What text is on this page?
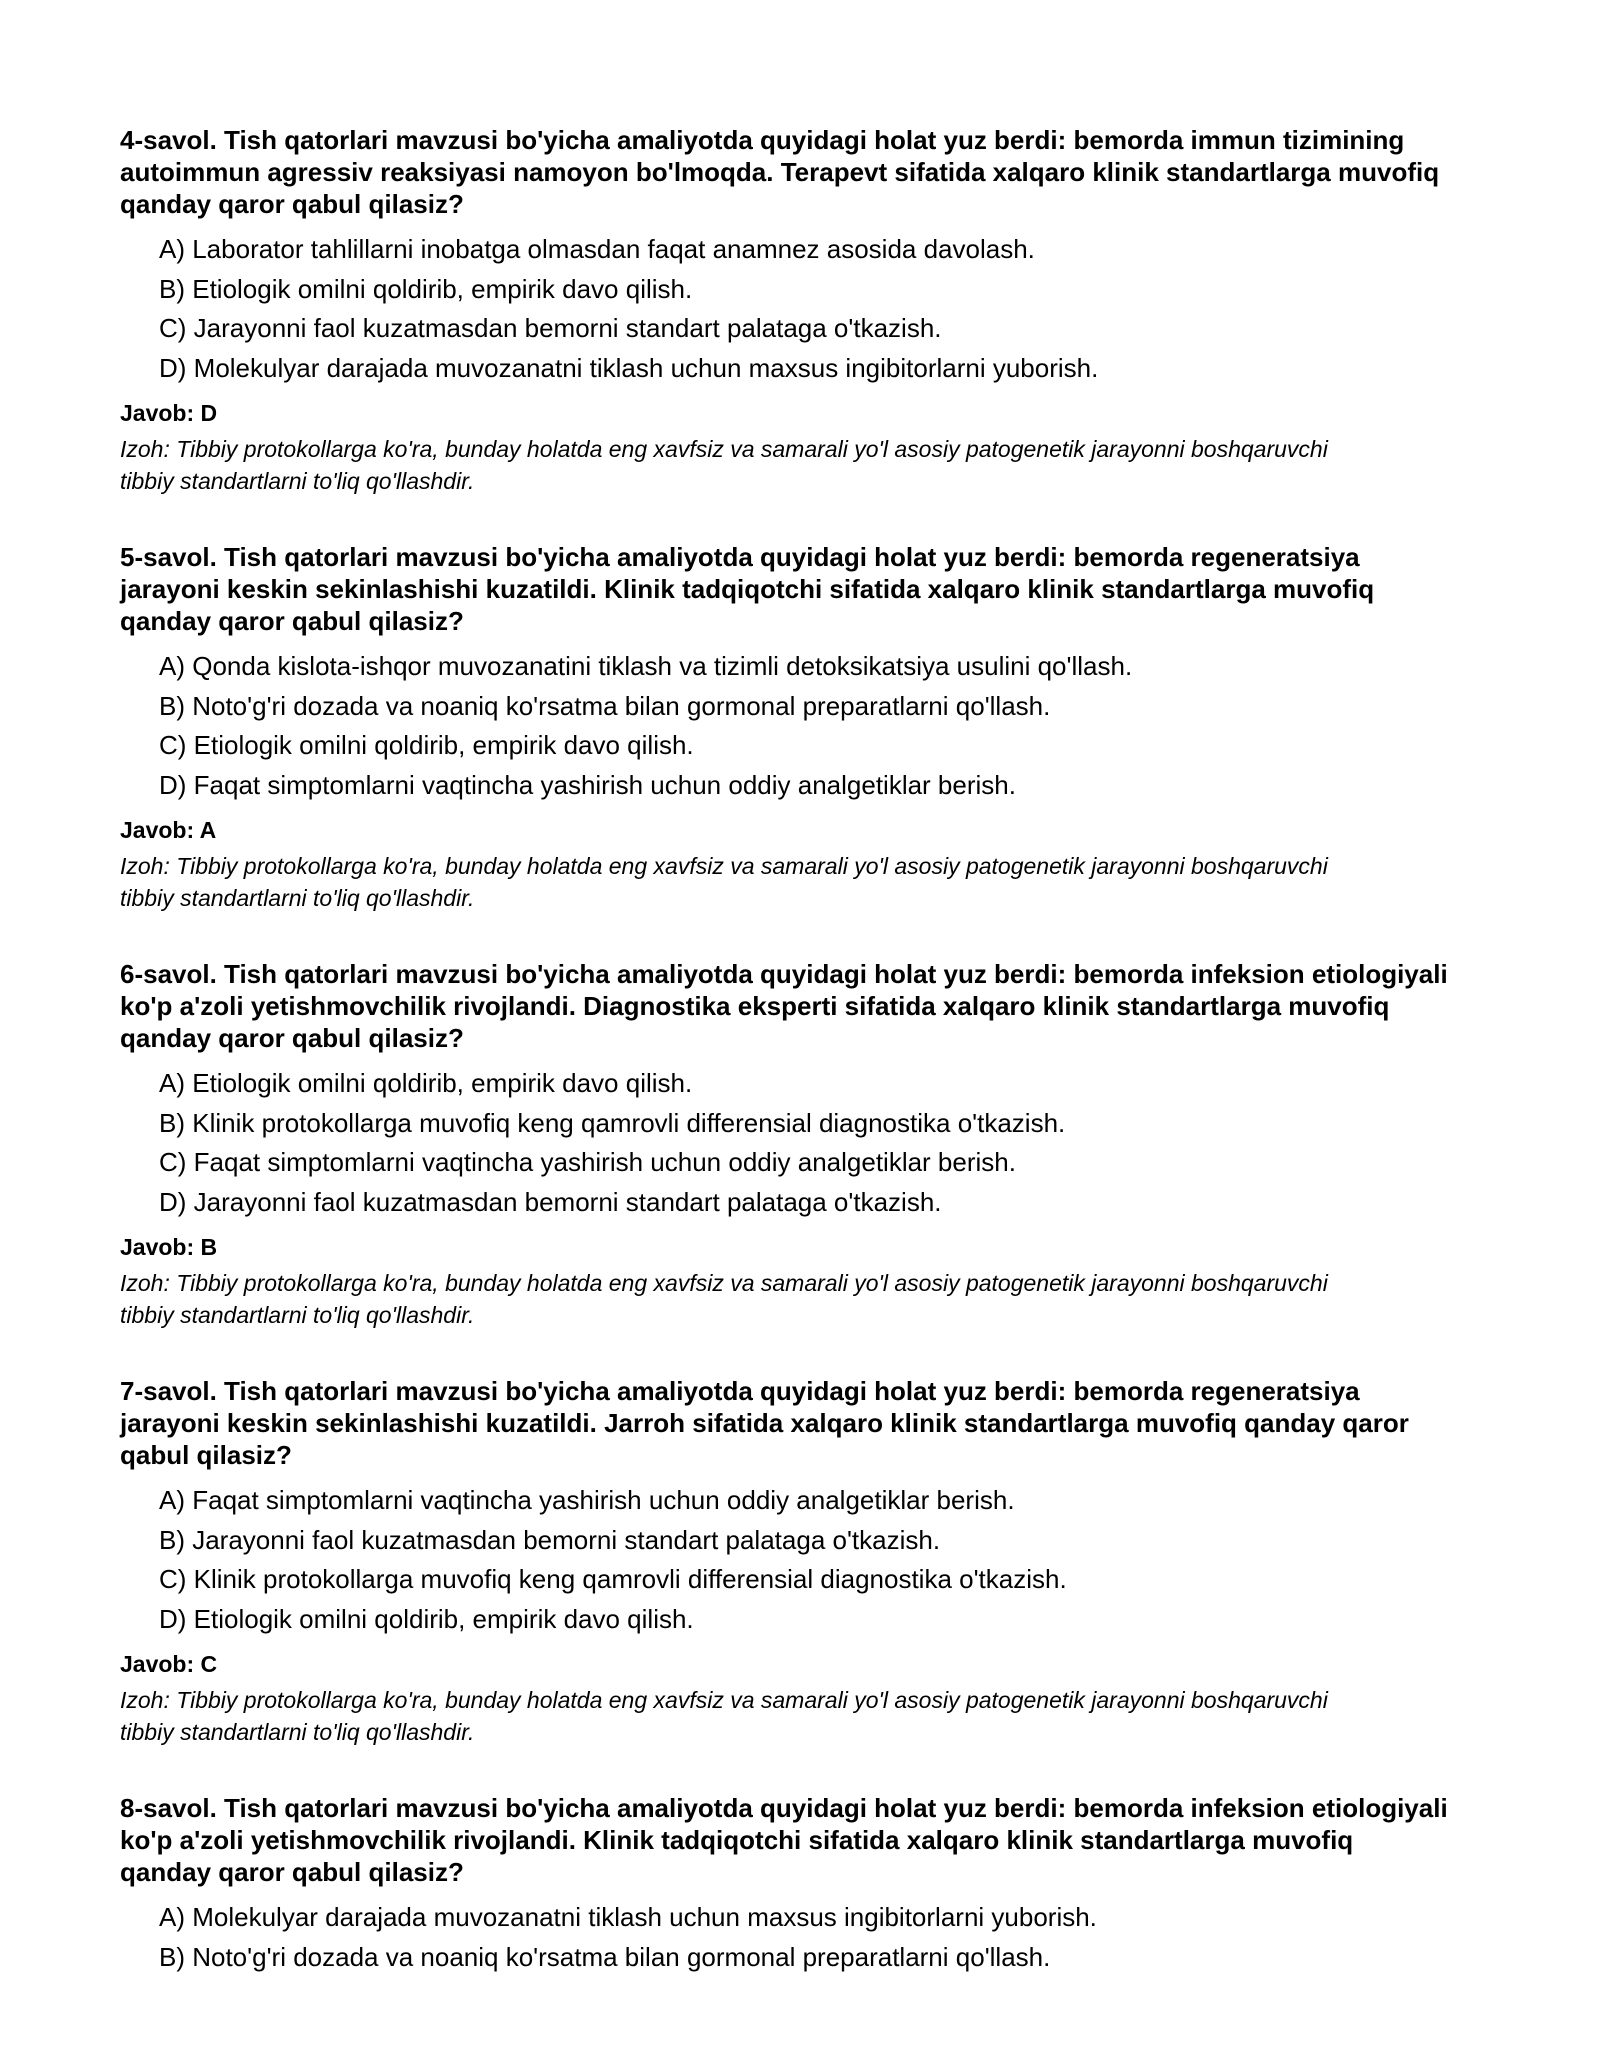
4-savol. Tish qatorlari mavzusi bo'yicha amaliyotda quyidagi holat yuz berdi: bemorda immun tizimining autoimmun agressiv reaksiyasi namoyon bo'lmoqda. Terapevt sifatida xalqaro klinik standartlarga muvofiq qanday qaror qabul qilasiz?

A) Laborator tahlillarni inobatga olmasdan faqat anamnez asosida davolash.
B) Etiologik omilni qoldirib, empirik davo qilish.
C) Jarayonni faol kuzatmasdan bemorni standart palataga o'tkazish.
D) Molekulyar darajada muvozanatni tiklash uchun maxsus ingibitorlarni yuborish.

Javob: D

Izoh: Tibbiy protokollarga ko'ra, bunday holatda eng xavfsiz va samarali yo'l asosiy patogenetik jarayonni boshqaruvchi tibbiy standartlarni to'liq qo'llashdir.

5-savol. Tish qatorlari mavzusi bo'yicha amaliyotda quyidagi holat yuz berdi: bemorda regeneratsiya jarayoni keskin sekinlashishi kuzatildi. Klinik tadqiqotchi sifatida xalqaro klinik standartlarga muvofiq qanday qaror qabul qilasiz?

A) Qonda kislota-ishqor muvozanatini tiklash va tizimli detoksikatsiya usulini qo'llash.
B) Noto'g'ri dozada va noaniq ko'rsatma bilan gormonal preparatlarni qo'llash.
C) Etiologik omilni qoldirib, empirik davo qilish.
D) Faqat simptomlarni vaqtincha yashirish uchun oddiy analgetiklar berish.

Javob: A

Izoh: Tibbiy protokollarga ko'ra, bunday holatda eng xavfsiz va samarali yo'l asosiy patogenetik jarayonni boshqaruvchi tibbiy standartlarni to'liq qo'llashdir.

6-savol. Tish qatorlari mavzusi bo'yicha amaliyotda quyidagi holat yuz berdi: bemorda infeksion etiologiyali ko'p a'zoli yetishmovchilik rivojlandi. Diagnostika eksperti sifatida xalqaro klinik standartlarga muvofiq qanday qaror qabul qilasiz?

A) Etiologik omilni qoldirib, empirik davo qilish.
B) Klinik protokollarga muvofiq keng qamrovli differensial diagnostika o'tkazish.
C) Faqat simptomlarni vaqtincha yashirish uchun oddiy analgetiklar berish.
D) Jarayonni faol kuzatmasdan bemorni standart palataga o'tkazish.

Javob: B

Izoh: Tibbiy protokollarga ko'ra, bunday holatda eng xavfsiz va samarali yo'l asosiy patogenetik jarayonni boshqaruvchi tibbiy standartlarni to'liq qo'llashdir.

7-savol. Tish qatorlari mavzusi bo'yicha amaliyotda quyidagi holat yuz berdi: bemorda regeneratsiya jarayoni keskin sekinlashishi kuzatildi. Jarroh sifatida xalqaro klinik standartlarga muvofiq qanday qaror qabul qilasiz?

A) Faqat simptomlarni vaqtincha yashirish uchun oddiy analgetiklar berish.
B) Jarayonni faol kuzatmasdan bemorni standart palataga o'tkazish.
C) Klinik protokollarga muvofiq keng qamrovli differensial diagnostika o'tkazish.
D) Etiologik omilni qoldirib, empirik davo qilish.

Javob: C

Izoh: Tibbiy protokollarga ko'ra, bunday holatda eng xavfsiz va samarali yo'l asosiy patogenetik jarayonni boshqaruvchi tibbiy standartlarni to'liq qo'llashdir.

8-savol. Tish qatorlari mavzusi bo'yicha amaliyotda quyidagi holat yuz berdi: bemorda infeksion etiologiyali ko'p a'zoli yetishmovchilik rivojlandi. Klinik tadqiqotchi sifatida xalqaro klinik standartlarga muvofiq qanday qaror qabul qilasiz?

A) Molekulyar darajada muvozanatni tiklash uchun maxsus ingibitorlarni yuborish.
B) Noto'g'ri dozada va noaniq ko'rsatma bilan gormonal preparatlarni qo'llash.
